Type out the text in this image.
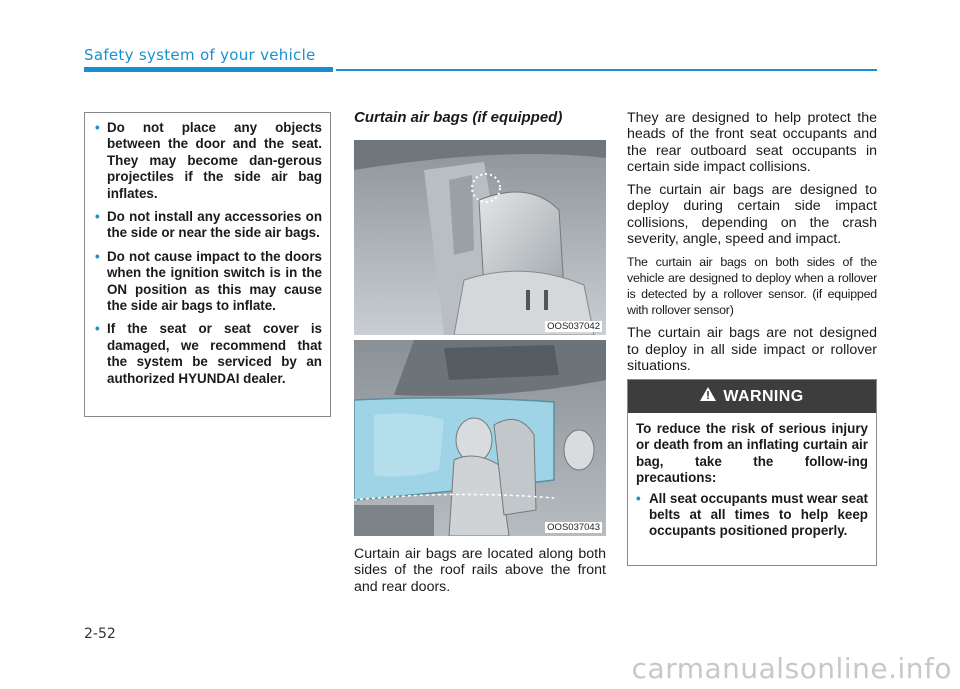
Safety system of your vehicle
• Do not place any objects between the door and the seat. They may become dan-gerous projectiles if the side air bag inflates.
• Do not install any accessories on the side or near the side air bags.
• Do not cause impact to the doors when the ignition switch is in the ON position as this may cause the side air bags to inflate.
• If the seat or seat cover is damaged, we recommend that the system be serviced by an authorized HYUNDAI dealer.
Curtain air bags (if equipped)
OOS037042
OOS037043
Curtain air bags are located along both sides of the roof rails above the front and rear doors.

They are designed to help protect the heads of the front seat occupants and the rear outboard seat occupants in certain side impact collisions.

The curtain air bags are designed to deploy during certain side impact collisions, depending on the crash severity, angle, speed and impact.

The curtain air bags on both sides of the vehicle are designed to deploy when a rollover is detected by a rollover sensor. (if equipped with rollover sensor)

The curtain air bags are not designed to deploy in all side impact or rollover situations.

WARNING

To reduce the risk of serious injury or death from an inflating curtain air bag, take the follow-ing precautions:

• All seat occupants must wear seat belts at all times to help keep occupants positioned properly.
2-52
carmanualsonline.info
